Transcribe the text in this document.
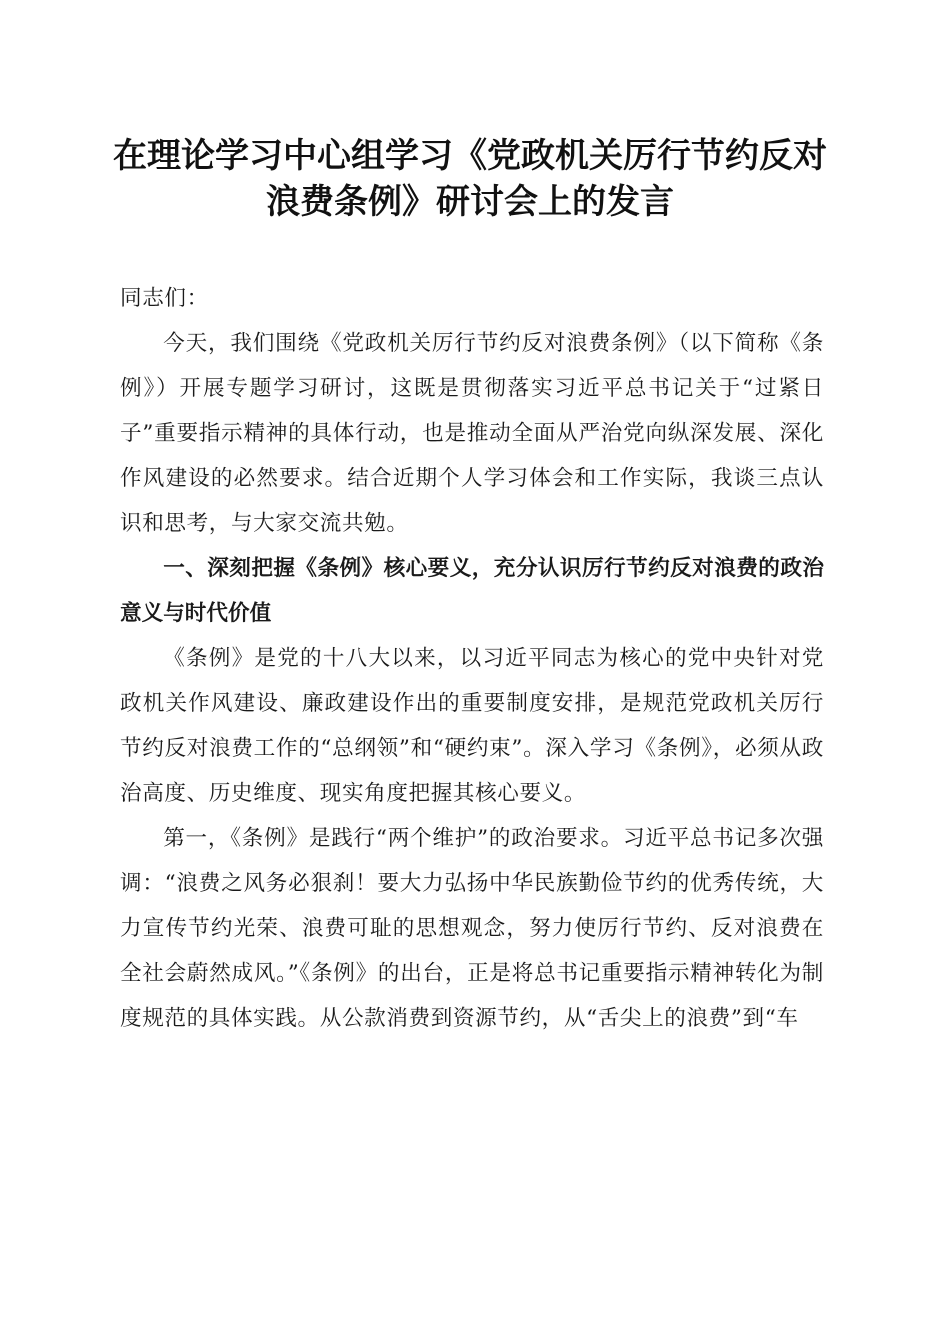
在理论学习中心组学习《党政机关厉行节约反对浪费条例》研讨会上的发言

同志们：

今天，我们围绕《党政机关厉行节约反对浪费条例》（以下简称《条例》）开展专题学习研讨，这既是贯彻落实习近平总书记关于“过紧日子”重要指示精神的具体行动，也是推动全面从严治党向纵深发展、深化作风建设的必然要求。结合近期个人学习体会和工作实际，我谈三点认识和思考，与大家交流共勉。

一、深刻把握《条例》核心要义，充分认识厉行节约反对浪费的政治意义与时代价值

《条例》是党的十八大以来，以习近平同志为核心的党中央针对党政机关作风建设、廉政建设作出的重要制度安排，是规范党政机关厉行节约反对浪费工作的“总纲领”和“硬约束”。深入学习《条例》，必须从政治高度、历史维度、现实角度把握其核心要义。

第一，《条例》是践行“两个维护”的政治要求。习近平总书记多次强调：“浪费之风务必狠刹！要大力弘扬中华民族勤俭节约的优秀传统，大力宣传节约光荣、浪费可耻的思想观念，努力使厉行节约、反对浪费在全社会蔚然成风。”《条例》的出台，正是将总书记重要指示精神转化为制度规范的具体实践。从公款消费到资源节约，从“舌尖上的浪费”到“车
